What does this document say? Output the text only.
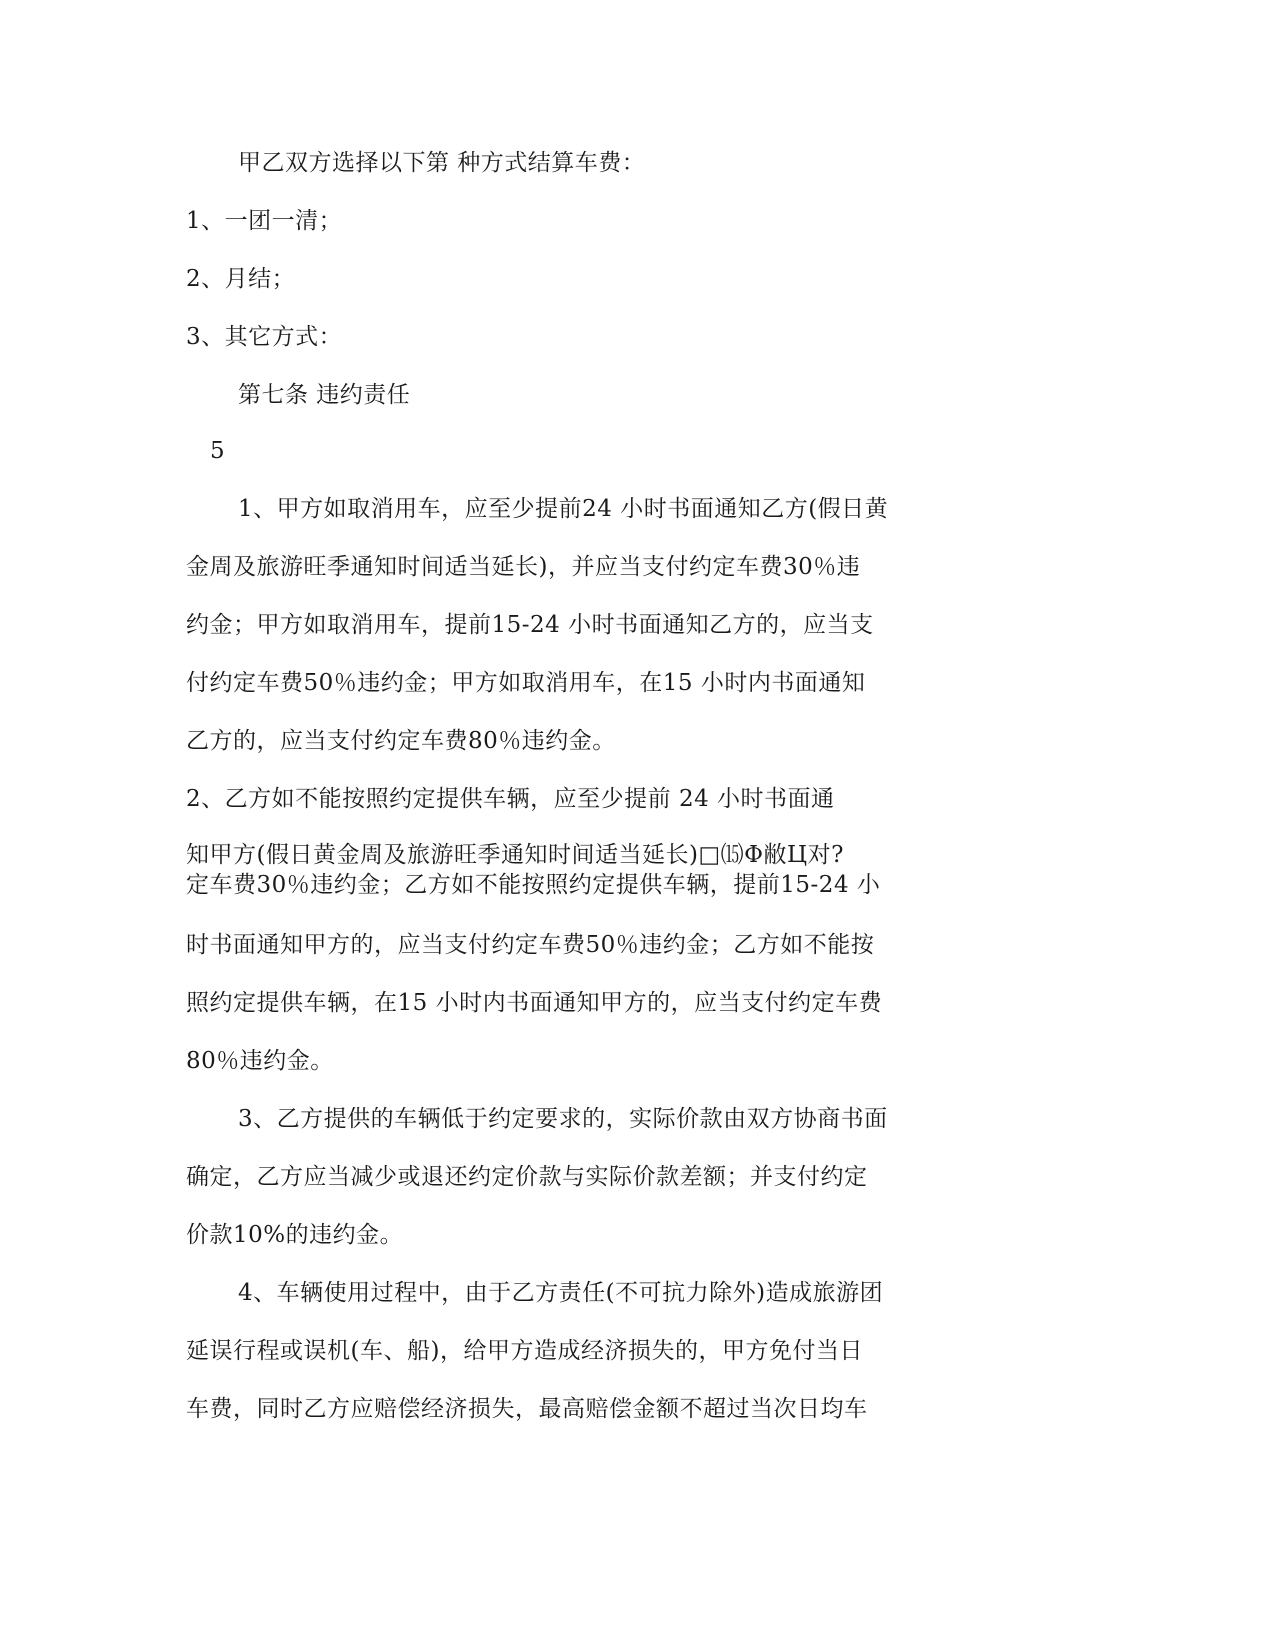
甲乙双方选择以下第 种方式结算车费：
1、一团一清；
2、月结；
3、其它方式：
第七条 违约责任
5
1、甲方如取消用车，应至少提前24 小时书面通知乙方(假日黄
金周及旅游旺季通知时间适当延长)，并应当支付约定车费30％违
约金；甲方如取消用车，提前15-24 小时书面通知乙方的，应当支
付约定车费50％违约金；甲方如取消用车，在15 小时内书面通知
乙方的，应当支付约定车费80％违约金。
2、乙方如不能按照约定提供车辆，应至少提前 24 小时书面通
知甲方(假日黄金周及旅游旺季通知时间适当延长)□⒂Φ敝Ц对?
定车费30％违约金；乙方如不能按照约定提供车辆，提前15-24 小
时书面通知甲方的，应当支付约定车费50％违约金；乙方如不能按
照约定提供车辆，在15 小时内书面通知甲方的，应当支付约定车费
80％违约金。
3、乙方提供的车辆低于约定要求的，实际价款由双方协商书面
确定，乙方应当减少或退还约定价款与实际价款差额；并支付约定
价款10%的违约金。
4、车辆使用过程中，由于乙方责任(不可抗力除外)造成旅游团
延误行程或误机(车、船)，给甲方造成经济损失的，甲方免付当日
车费，同时乙方应赔偿经济损失，最高赔偿金额不超过当次日均车
